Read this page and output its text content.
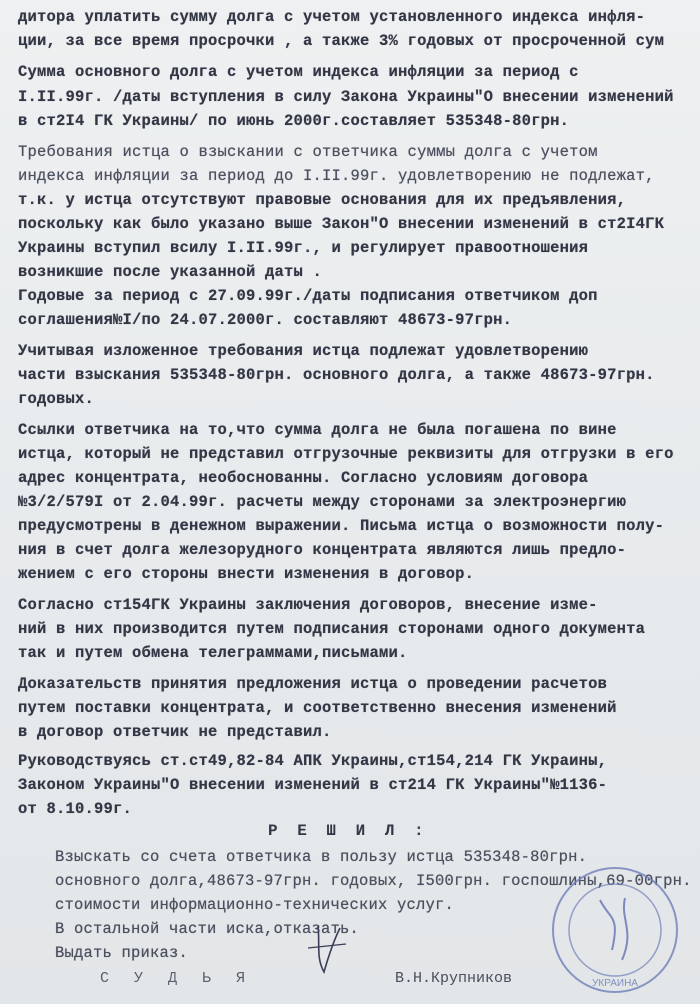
дитора уплатить сумму долга с учетом установленного индекса инфля-
ции, за все время просрочки , а также 3% годовых от просроченной сум
Сумма основного долга с учетом индекса инфляции за период с
I.II.99г. /даты вступления в силу Закона Украины"О внесении изменений
в ст2I4 ГК Украины/ по июнь 2000г.составляет 535348-80грн.
Требования истца о взыскании с ответчика суммы долга с учетом
индекса инфляции за период до I.II.99г. удовлетворению не подлежат,
т.к. у истца отсутствуют правовые основания для их предъявления,
поскольку как было указано выше Закон"О внесении изменений в ст2I4ГК
Украины вступил всилу I.II.99г., и регулирует правоотношения
возникшие после указанной даты .
Годовые за период с 27.09.99г./даты подписания ответчиком доп
соглашения№I/по 24.07.2000г. составляют 48673-97грн.
Учитывая изложенное требования истца подлежат удовлетворению
части взыскания 535348-80грн. основного долга, а также 48673-97грн.
годовых.
Ссылки ответчика на то,что сумма долга не была погашена по вине
истца, который не представил отгрузочные реквизиты для отгрузки в его
адрес концентрата, необоснованны. Согласно условиям договора
№3/2/579I от 2.04.99г. расчеты между сторонами за электроэнергию
предусмотрены в денежном выражении. Письма истца о возможности полу-
ния в счет долга железорудного концентрата являются лишь предло-
жением с его стороны внести изменения в договор.
Согласно ст154ГК Украины заключения договоров, внесение изме-
ний в них производится путем подписания сторонами одного документа
так и путем обмена телеграммами,письмами.
Доказательств принятия предложения истца о проведении расчетов
путем поставки концентрата, и соответственно внесения изменений
в договор ответчик не представил.
Руководствуясь ст.ст49,82-84 АПК Украины,ст154,214 ГК Украины,
Законом Украины"О внесении изменений в ст214 ГК Украины"№1136-
от 8.10.99г.
Р Е Ш И Л :
Взыскать со счета ответчика в пользу истца 535348-80грн.
основного долга,48673-97грн. годовых, I500грн. госпошлины,69-00грн.
стоимости информационно-технических услуг.
В остальной части иска,отказать.
Выдать приказ.
С У Д Ь Я	В.Н.Крупников	УКРАИНА
